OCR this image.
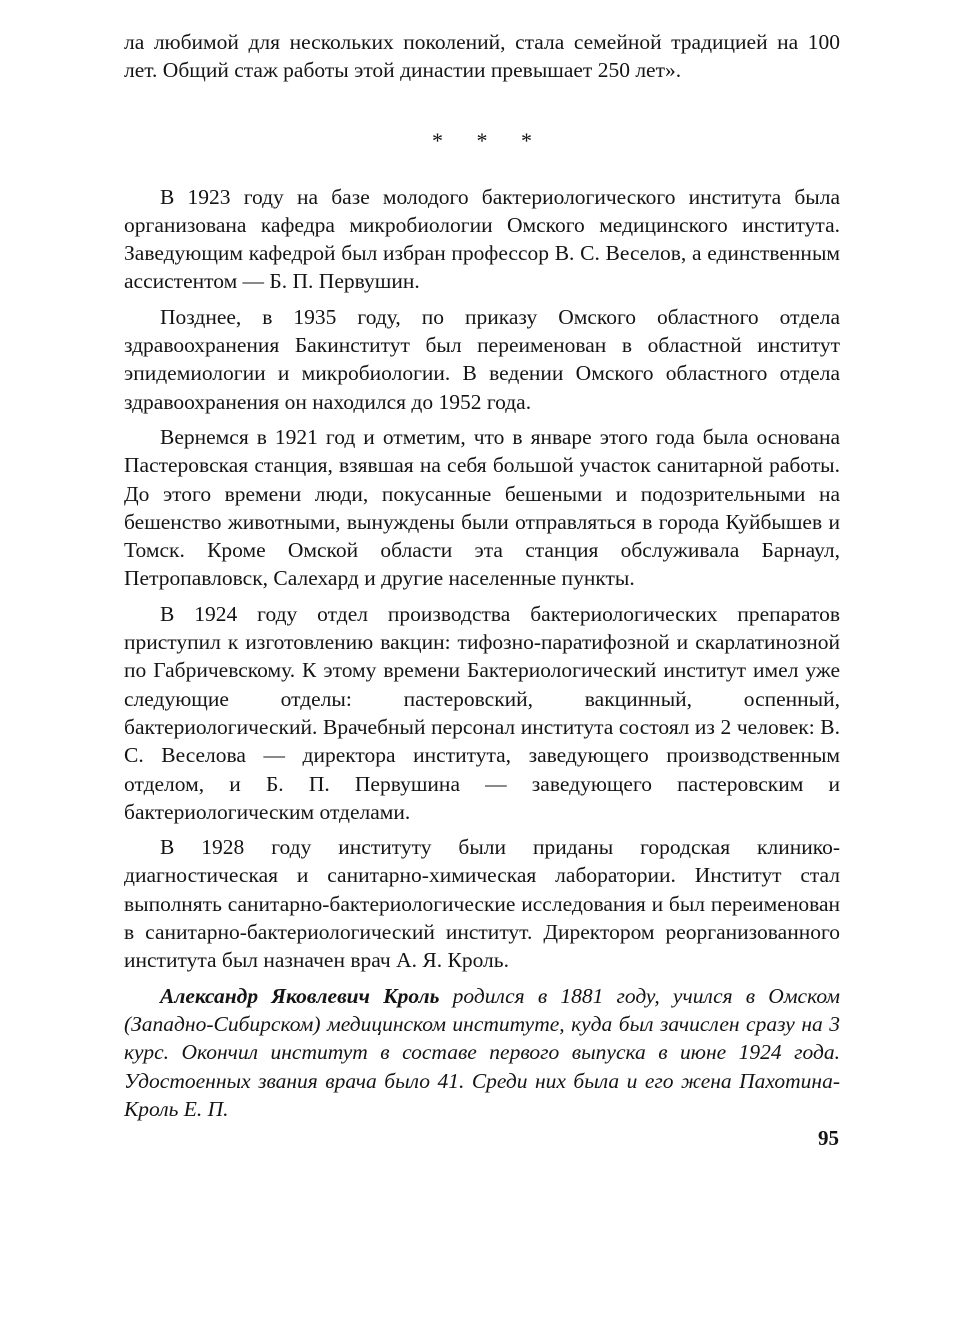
ла любимой для нескольких поколений, стала семейной традицией на 100 лет. Общий стаж работы этой династии превышает 250 лет».

* * *

В 1923 году на базе молодого бактериологического института была организована кафедра микробиологии Омского медицинского института. Заведующим кафедрой был избран профессор В. С. Веселов, а единственным ассистентом — Б. П. Первушин.

Позднее, в 1935 году, по приказу Омского областного отдела здравоохранения Бакинститут был переименован в областной институт эпидемиологии и микробиологии. В ведении Омского областного отдела здравоохранения он находился до 1952 года.

Вернемся в 1921 год и отметим, что в январе этого года была основана Пастеровская станция, взявшая на себя большой участок санитарной работы. До этого времени люди, покусанные бешеными и подозрительными на бешенство животными, вынуждены были отправляться в города Куйбышев и Томск. Кроме Омской области эта станция обслуживала Барнаул, Петропавловск, Салехард и другие населенные пункты.

В 1924 году отдел производства бактериологических препаратов приступил к изготовлению вакцин: тифозно-паратифозной и скарлатинозной по Габричевскому. К этому времени Бактериологический институт имел уже следующие отделы: пастеровский, вакцинный, оспенный, бактериологический. Врачебный персонал института состоял из 2 человек: В. С. Веселова — директора института, заведующего производственным отделом, и Б. П. Первушина — заведующего пастеровским и бактериологическим отделами.

В 1928 году институту были приданы городская клинико-диагностическая и санитарно-химическая лаборатории. Институт стал выполнять санитарно-бактериологические исследования и был переименован в санитарно-бактериологический институт. Директором реорганизованного института был назначен врач А. Я. Кроль.

Александр Яковлевич Кроль родился в 1881 году, учился в Омском (Западно-Сибирском) медицинском институте, куда был зачислен сразу на 3 курс. Окончил институт в составе первого выпуска в июне 1924 года. Удостоенных звания врача было 41. Среди них была и его жена Пахотина-Кроль Е. П.

95
